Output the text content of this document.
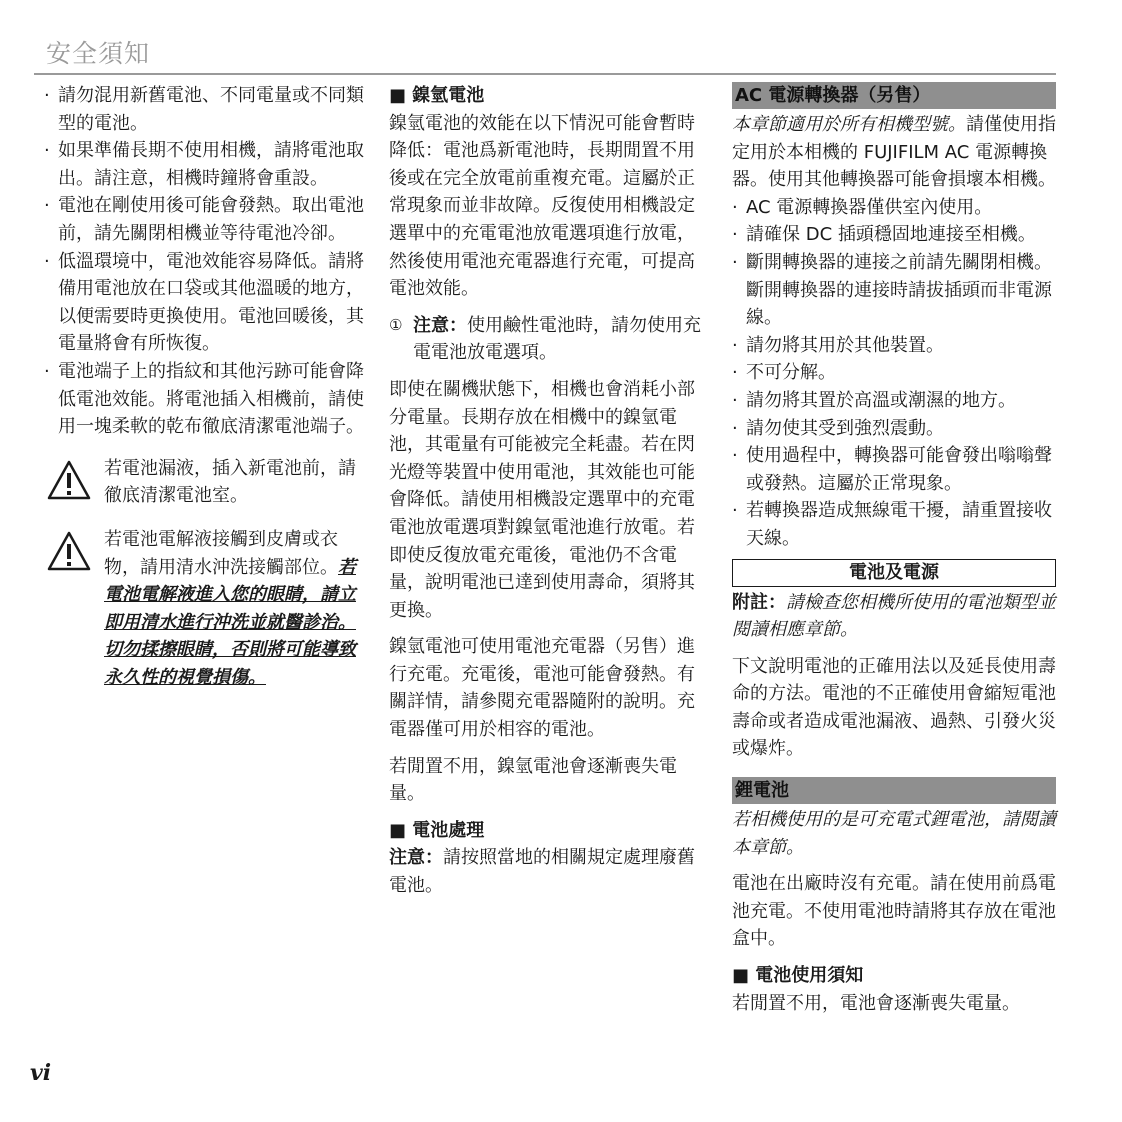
安全須知

· 請勿混用新舊電池、不同電量或不同類型的電池。

· 如果準備長期不使用相機，請將電池取出。請注意，相機時鐘將會重設。

· 電池在剛使用後可能會發熱。取出電池前，請先關閉相機並等待電池冷卻。

· 低溫環境中，電池效能容易降低。請將備用電池放在口袋或其他溫暖的地方，以便需要時更換使用。電池回暖後，其電量將會有所恢復。

· 電池端子上的指紋和其他污跡可能會降低電池效能。將電池插入相機前，請使用一塊柔軟的乾布徹底清潔電池端子。

若電池漏液，插入新電池前，請徹底清潔電池室。

若電池電解液接觸到皮膚或衣物，請用清水沖洗接觸部位。若電池電解液進入您的眼睛，請立即用清水進行沖洗並就醫診治。切勿揉擦眼睛，否則將可能導致永久性的視覺損傷。

■ 鎳氫電池

鎳氫電池的效能在以下情況可能會暫時降低：電池爲新電池時，長期閒置不用後或在完全放電前重複充電。這屬於正常現象而並非故障。反復使用相機設定選單中的充電電池放電選項進行放電，然後使用電池充電器進行充電，可提高電池效能。

① 注意：使用鹼性電池時，請勿使用充電電池放電選項。

即使在關機狀態下，相機也會消耗小部分電量。長期存放在相機中的鎳氫電池，其電量有可能被完全耗盡。若在閃光燈等裝置中使用電池，其效能也可能會降低。請使用相機設定選單中的充電電池放電選項對鎳氫電池進行放電。若即使反復放電充電後，電池仍不含電量，說明電池已達到使用壽命，須將其更換。

鎳氫電池可使用電池充電器（另售）進行充電。充電後，電池可能會發熱。有關詳情，請參閱充電器隨附的說明。充電器僅可用於相容的電池。

若閒置不用，鎳氫電池會逐漸喪失電量。

■ 電池處理

注意：請按照當地的相關規定處理廢舊電池。

AC 電源轉換器（另售）

本章節適用於所有相機型號。請僅使用指定用於本相機的 FUJIFILM AC 電源轉換器。使用其他轉換器可能會損壞本相機。

· AC 電源轉換器僅供室內使用。

· 請確保 DC 插頭穩固地連接至相機。

· 斷開轉換器的連接之前請先關閉相機。斷開轉換器的連接時請拔插頭而非電源線。

· 請勿將其用於其他裝置。

· 不可分解。

· 請勿將其置於高溫或潮濕的地方。

· 請勿使其受到強烈震動。

· 使用過程中，轉換器可能會發出嗡嗡聲或發熱。這屬於正常現象。

· 若轉換器造成無線電干擾，請重置接收天線。

電池及電源

附註：請檢查您相機所使用的電池類型並閱讀相應章節。

下文說明電池的正確用法以及延長使用壽命的方法。電池的不正確使用會縮短電池壽命或者造成電池漏液、過熱、引發火災或爆炸。

鋰電池

若相機使用的是可充電式鋰電池，請閱讀本章節。

電池在出廠時沒有充電。請在使用前爲電池充電。不使用電池時請將其存放在電池盒中。

■ 電池使用須知

若閒置不用，電池會逐漸喪失電量。

vi
